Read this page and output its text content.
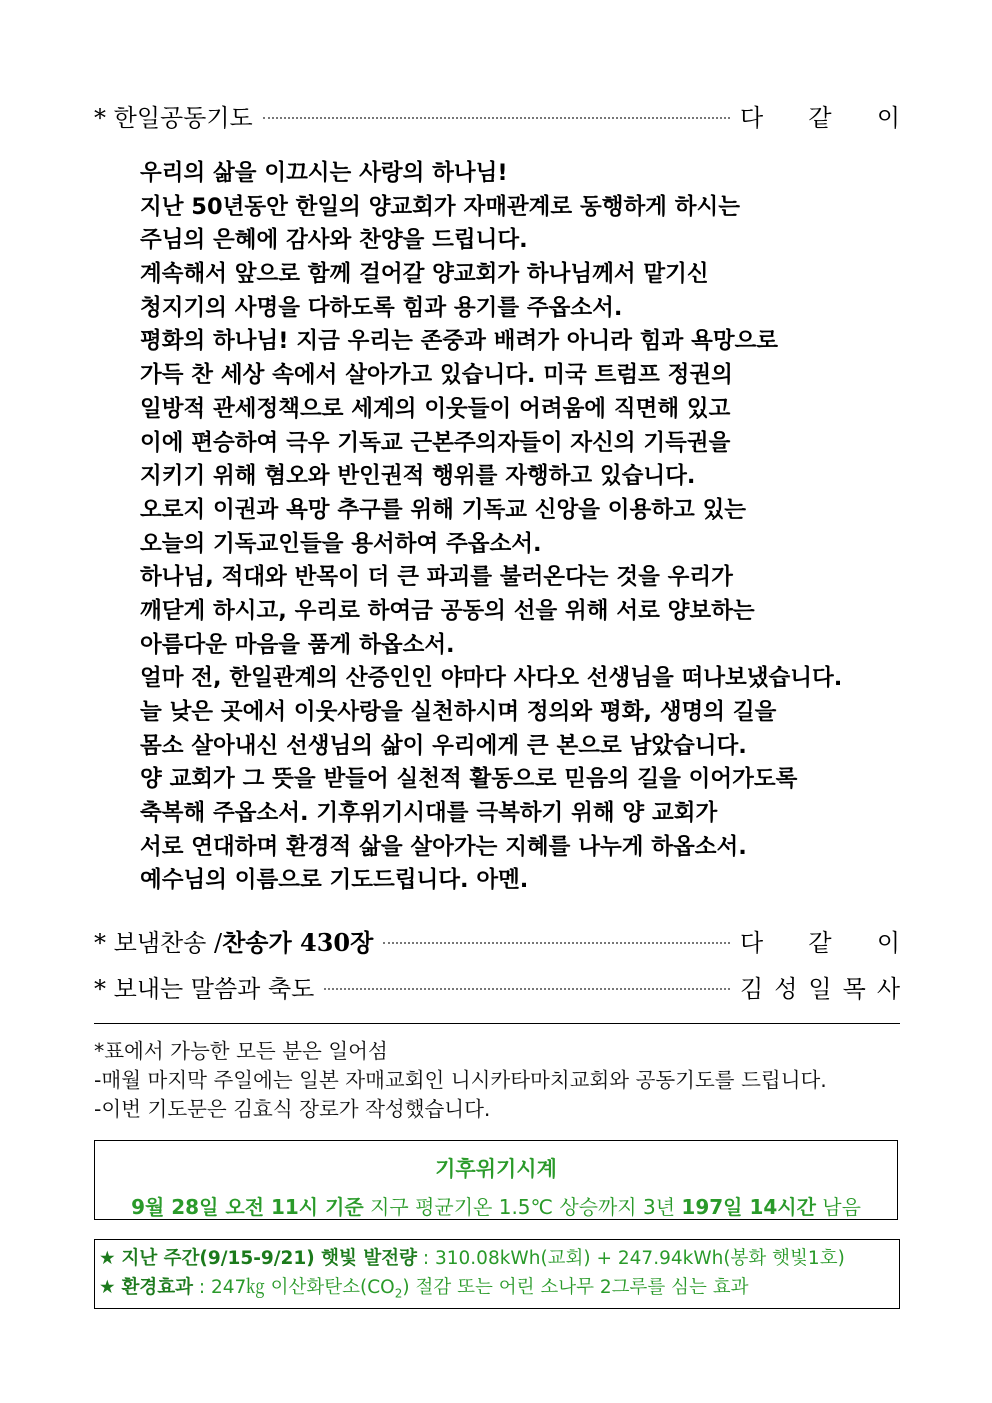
* 한일공동기도	다 같 이
우리의 삶을 이끄시는 사랑의 하나님!
지난 50년동안 한일의 양교회가 자매관계로 동행하게 하시는
주님의 은혜에 감사와 찬양을 드립니다.
계속해서 앞으로 함께 걸어갈 양교회가 하나님께서 맡기신
청지기의 사명을 다하도록 힘과 용기를 주옵소서.
평화의 하나님! 지금 우리는 존중과 배려가 아니라 힘과 욕망으로
가득 찬 세상 속에서 살아가고 있습니다. 미국 트럼프 정권의
일방적 관세정책으로 세계의 이웃들이 어려움에 직면해 있고
이에 편승하여 극우 기독교 근본주의자들이 자신의 기득권을
지키기 위해 혐오와 반인권적 행위를 자행하고 있습니다.
오로지 이권과 욕망 추구를 위해 기독교 신앙을 이용하고 있는
오늘의 기독교인들을 용서하여 주옵소서.
하나님, 적대와 반목이 더 큰 파괴를 불러온다는 것을 우리가
깨닫게 하시고, 우리로 하여금 공동의 선을 위해 서로 양보하는
아름다운 마음을 품게 하옵소서.
얼마 전, 한일관계의 산증인인 야마다 사다오 선생님을 떠나보냈습니다.
늘 낮은 곳에서 이웃사랑을 실천하시며 정의와 평화, 생명의 길을
몸소 살아내신 선생님의 삶이 우리에게 큰 본으로 남았습니다.
양 교회가 그 뜻을 받들어 실천적 활동으로 믿음의 길을 이어가도록
축복해 주옵소서. 기후위기시대를 극복하기 위해 양 교회가
서로 연대하며 환경적 삶을 살아가는 지혜를 나누게 하옵소서.
예수님의 이름으로 기도드립니다. 아멘.
* 보냄찬송 / 찬송가 430장	다 같 이
* 보내는 말씀과 축도	김 성 일 목 사
*표에서 가능한 모든 분은 일어섬
-매월 마지막 주일에는 일본 자매교회인 니시카타마치교회와 공동기도를 드립니다.
-이번 기도문은 김효식 장로가 작성했습니다.
기후위기시계
9월 28일 오전 11시 기준 지구 평균기온 1.5℃ 상승까지 3년 197일 14시간 남음
★ 지난 주간(9/15-9/21) 햇빛 발전량 : 310.08kWh(교회) + 247.94kWh(봉화 햇빛1호)
★ 환경효과 : 247㎏ 이산화탄소$(CO_2)$ 절감 또는 어린 소나무 2그루를 심는 효과
